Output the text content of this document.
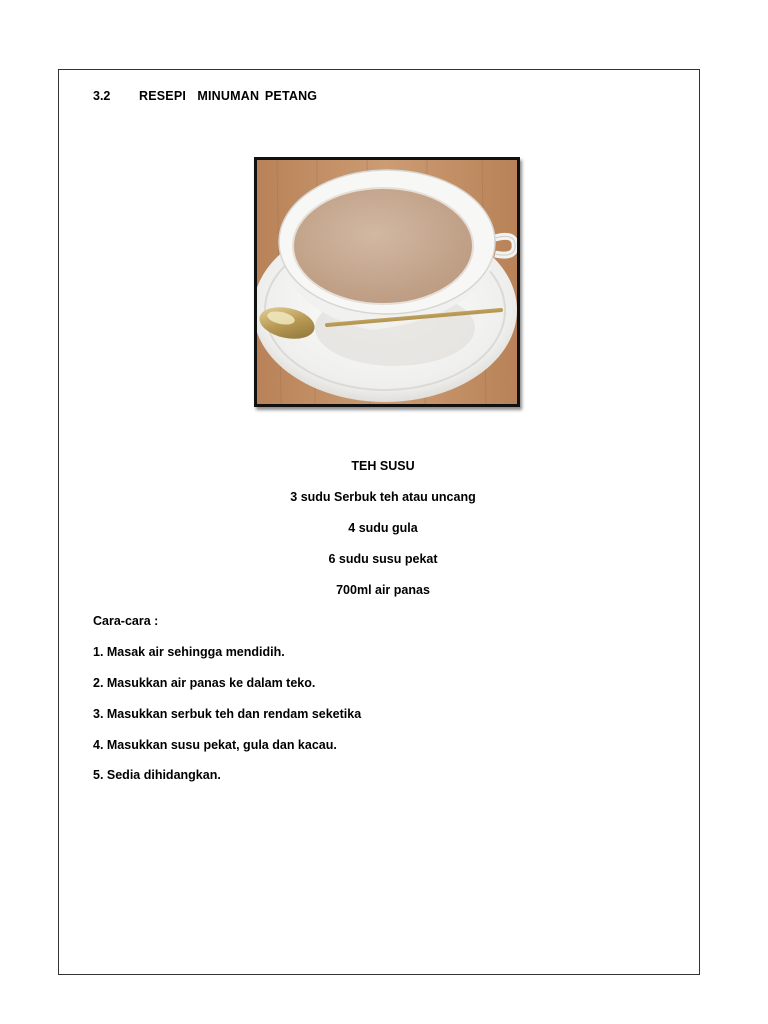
3.2 RESEPI  MINUMAN PETANG
TEH SUSU
3 sudu Serbuk teh atau uncang
4 sudu gula
6 sudu susu pekat
700ml air panas
Cara-cara :
1. Masak air sehingga mendidih.
2. Masukkan air panas ke dalam teko.
3. Masukkan serbuk teh dan rendam seketika
4. Masukkan susu pekat, gula dan kacau.
5. Sedia dihidangkan.
